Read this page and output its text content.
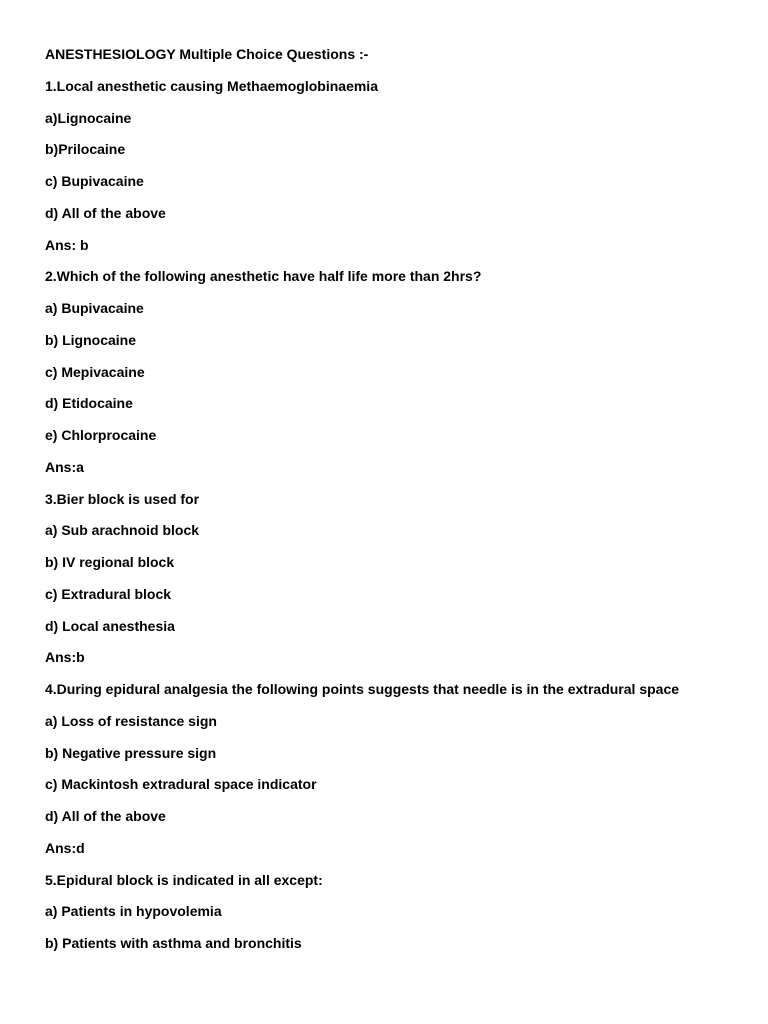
ANESTHESIOLOGY Multiple Choice Questions :-
1.Local anesthetic causing Methaemoglobinaemia
a)Lignocaine
b)Prilocaine
c) Bupivacaine
d) All of the above
Ans: b
2.Which of the following anesthetic have half life more than 2hrs?
a) Bupivacaine
b) Lignocaine
c) Mepivacaine
d) Etidocaine
e) Chlorprocaine
Ans:a
3.Bier block is used for
a) Sub arachnoid block
b) IV regional block
c) Extradural block
d) Local anesthesia
Ans:b
4.During epidural analgesia the following points suggests that needle is in the extradural space
a) Loss of resistance sign
b) Negative pressure sign
c) Mackintosh extradural space indicator
d) All of the above
Ans:d
5.Epidural block is indicated in all except:
a) Patients in hypovolemia
b) Patients with asthma and bronchitis
